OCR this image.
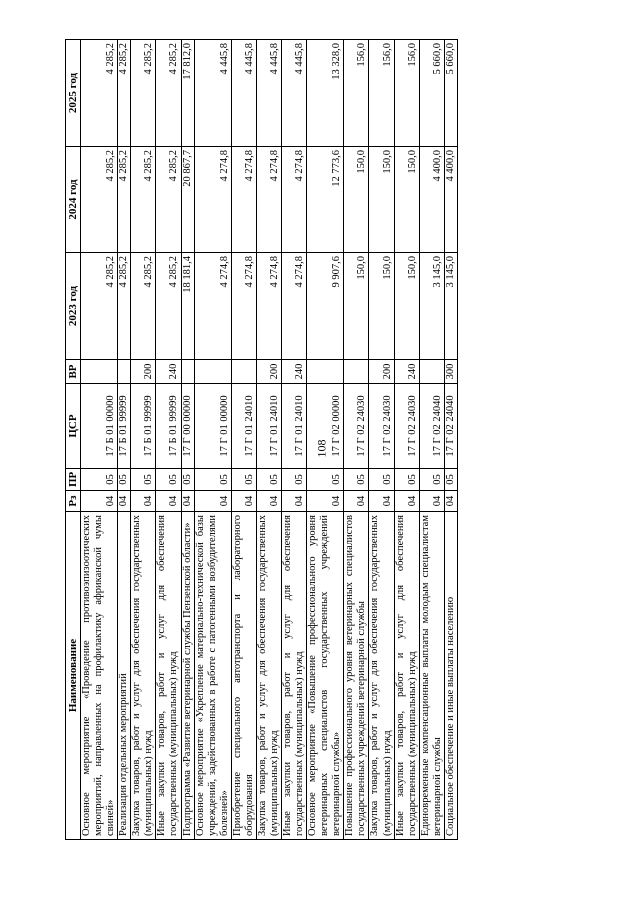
108
Наименование	Рз	ПР	ЦСР	ВР	2023 год	2024 год	2025 год
Основное мероприятие «Проведение противоэпизоотических мероприятий, направленных на профилактику африканской чумы свиней»	04	05	17 Б 01 00000		4 285,2	4 285,2	4 285,2
Реализация отдельных мероприятий	04	05	17 Б 01 99999		4 285,2	4 285,2	4 285,2
Закупка товаров, работ и услуг для обеспечения государственных (муниципальных) нужд	04	05	17 Б 01 99999	200	4 285,2	4 285,2	4 285,2
Иные закупки товаров, работ и услуг для обеспечения государственных (муниципальных) нужд	04	05	17 Б 01 99999	240	4 285,2	4 285,2	4 285,2
Подпрограмма «Развитие ветеринарной службы Пензенской области»	04	05	17 Г 00 00000		18 181,4	20 867,7	17 812,0
Основное мероприятие «Укрепление материально-технической базы учреждений, задействованных в работе с патогенными возбудителями болезней»	04	05	17 Г 01 00000		4 274,8	4 274,8	4 445,8
Приобретение специального автотранспорта и лабораторного оборудования	04	05	17 Г 01 24010		4 274,8	4 274,8	4 445,8
Закупка товаров, работ и услуг для обеспечения государственных (муниципальных) нужд	04	05	17 Г 01 24010	200	4 274,8	4 274,8	4 445,8
Иные закупки товаров, работ и услуг для обеспечения государственных (муниципальных) нужд	04	05	17 Г 01 24010	240	4 274,8	4 274,8	4 445,8
Основное мероприятие «Повышение профессионального уровня ветеринарных специалистов государственных учреждений ветеринарной службы»	04	05	17 Г 02 00000		9 907,6	12 773,6	13 328,0
Повышение профессионального уровня ветеринарных специалистов государственных учреждений ветеринарной службы	04	05	17 Г 02 24030		150,0	150,0	156,0
Закупка товаров, работ и услуг для обеспечения государственных (муниципальных) нужд	04	05	17 Г 02 24030	200	150,0	150,0	156,0
Иные закупки товаров, работ и услуг для обеспечения государственных (муниципальных) нужд	04	05	17 Г 02 24030	240	150,0	150,0	156,0
Единовременные компенсационные выплаты молодым специалистам ветеринарной службы	04	05	17 Г 02 24040		3 145,0	4 400,0	5 660,0
Социальное обеспечение и иные выплаты населению	04	05	17 Г 02 24040	300	3 145,0	4 400,0	5 660,0
